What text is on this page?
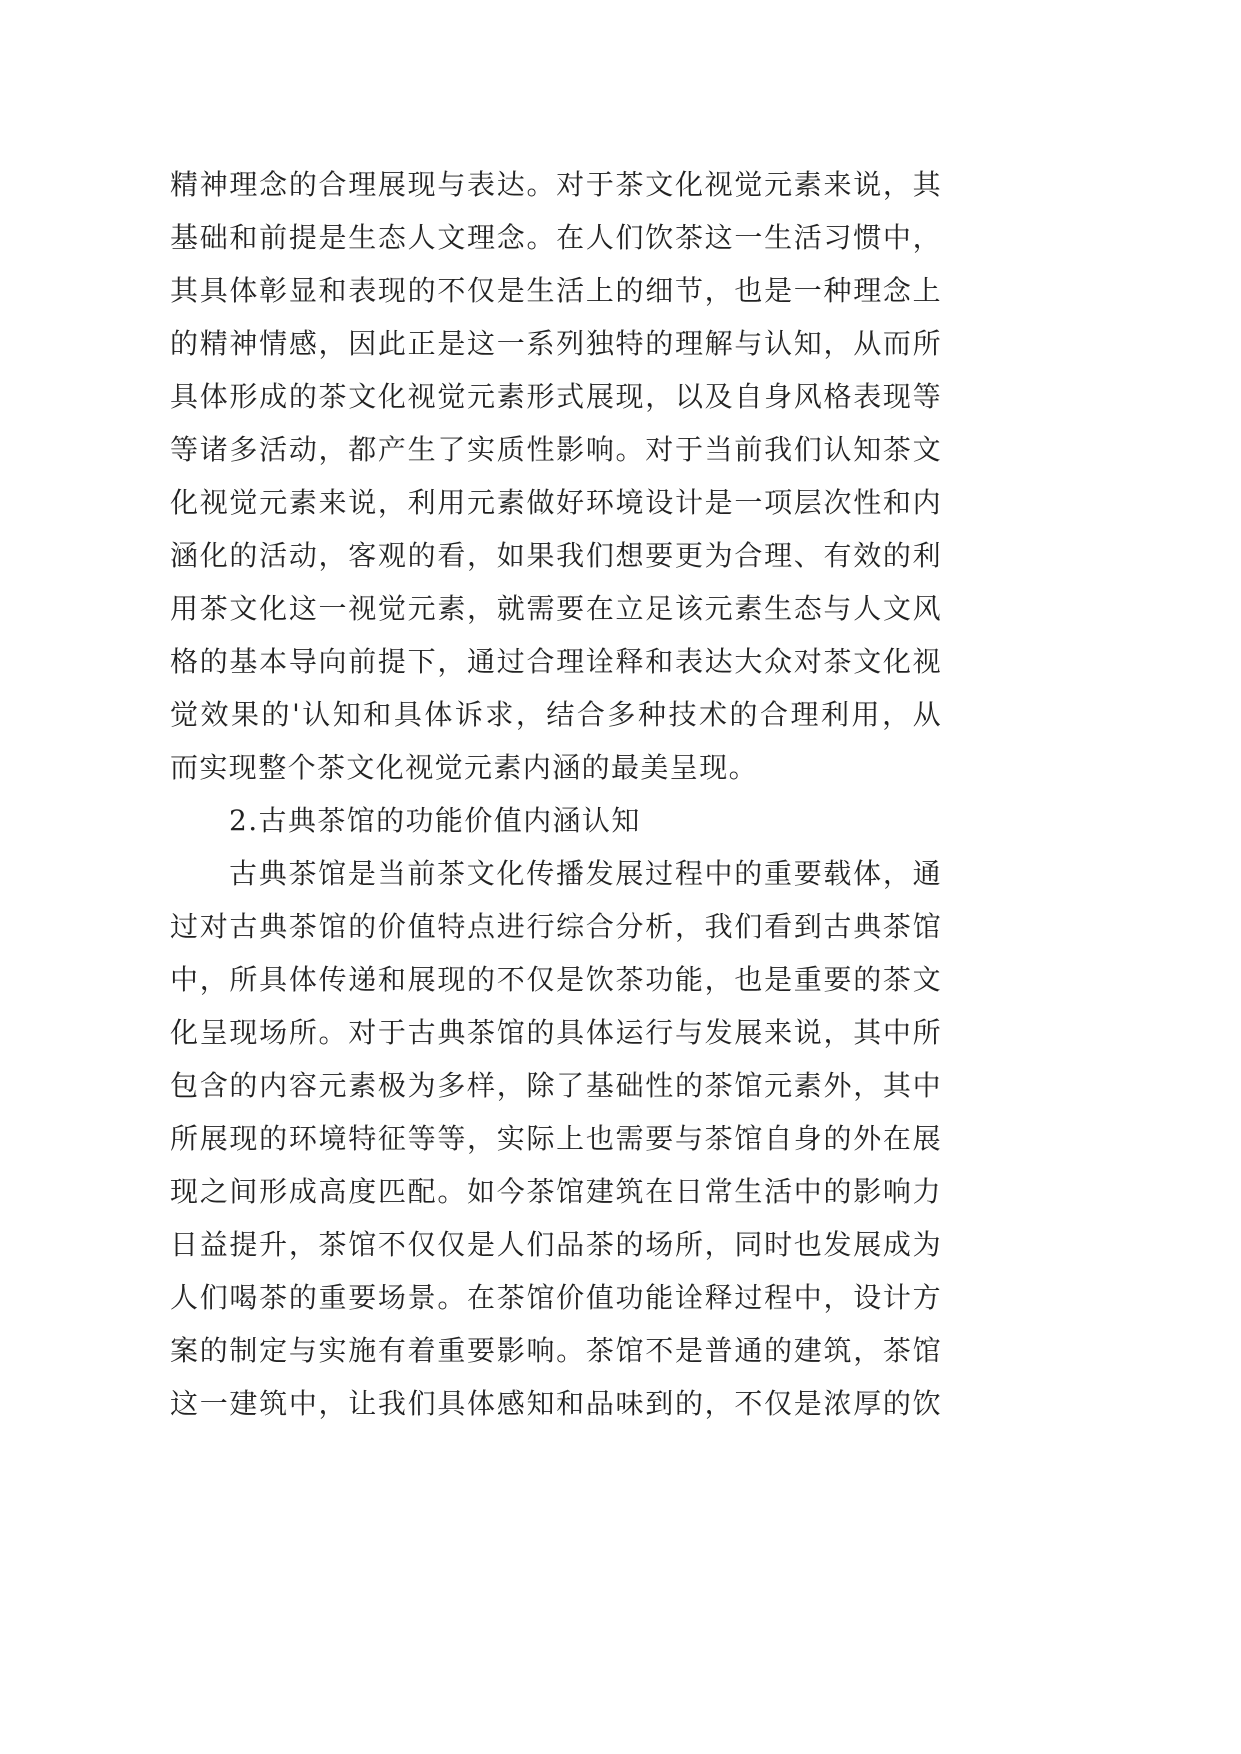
精神理念的合理展现与表达。对于茶文化视觉元素来说，其
基础和前提是生态人文理念。在人们饮茶这一生活习惯中，
其具体彰显和表现的不仅是生活上的细节，也是一种理念上
的精神情感，因此正是这一系列独特的理解与认知，从而所
具体形成的茶文化视觉元素形式展现，以及自身风格表现等
等诸多活动，都产生了实质性影响。对于当前我们认知茶文
化视觉元素来说，利用元素做好环境设计是一项层次性和内
涵化的活动，客观的看，如果我们想要更为合理、有效的利
用茶文化这一视觉元素，就需要在立足该元素生态与人文风
格的基本导向前提下，通过合理诠释和表达大众对茶文化视
觉效果的'认知和具体诉求，结合多种技术的合理利用，从
而实现整个茶文化视觉元素内涵的最美呈现。
2.古典茶馆的功能价值内涵认知
古典茶馆是当前茶文化传播发展过程中的重要载体，通
过对古典茶馆的价值特点进行综合分析，我们看到古典茶馆
中，所具体传递和展现的不仅是饮茶功能，也是重要的茶文
化呈现场所。对于古典茶馆的具体运行与发展来说，其中所
包含的内容元素极为多样，除了基础性的茶馆元素外，其中
所展现的环境特征等等，实际上也需要与茶馆自身的外在展
现之间形成高度匹配。如今茶馆建筑在日常生活中的影响力
日益提升，茶馆不仅仅是人们品茶的场所，同时也发展成为
人们喝茶的重要场景。在茶馆价值功能诠释过程中，设计方
案的制定与实施有着重要影响。茶馆不是普通的建筑，茶馆
这一建筑中，让我们具体感知和品味到的，不仅是浓厚的饮
